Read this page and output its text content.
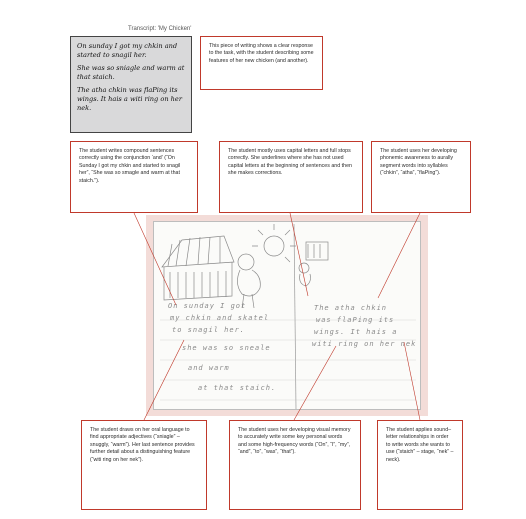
Transcript: 'My Chicken'

On sunday I got my chkin and started to snagil her.

She was so sniagle and warm at that staich.

The atha chkin was flaPing its wings. It hais a witi ring on her nek.

This piece of writing shows a clear response to the task, with the student describing some features of her new chicken (and another).
The student writes compound sentences correctly using the conjunction ‘and’ (“On Sunday I got my chkin and started to snagil her”, “She was so smagle and warm at that staich.”).
The student mostly uses capital letters and full stops correctly. She underlines where she has not used capital letters at the beginning of sentences and then she makes corrections.
The student uses her developing phonemic awareness to aurally segment words into syllables (“chkin”, “atha”, “flaPing”).
On sunday I got
my chkin and skatel
to snagil her.
she was so sneale
and warm
at that staich.
The atha chkin
was flaPing its
wings. It hais a
witi ring on her nek
The student draws on her oral language to find appropriate adjectives (“sniagle” – snuggly, “warm”). Her last sentence provides further detail about a distinguishing feature (“witi ring on her nek”).
The student uses her developing visual memory to accurately write some key personal words and some high-frequency words (“On”, “I”, “my”, “and”, “to”, “was”, “that”).
The student applies sound–letter relationships in order to write words she wants to use (“staich” – stage, “nek” – neck).
